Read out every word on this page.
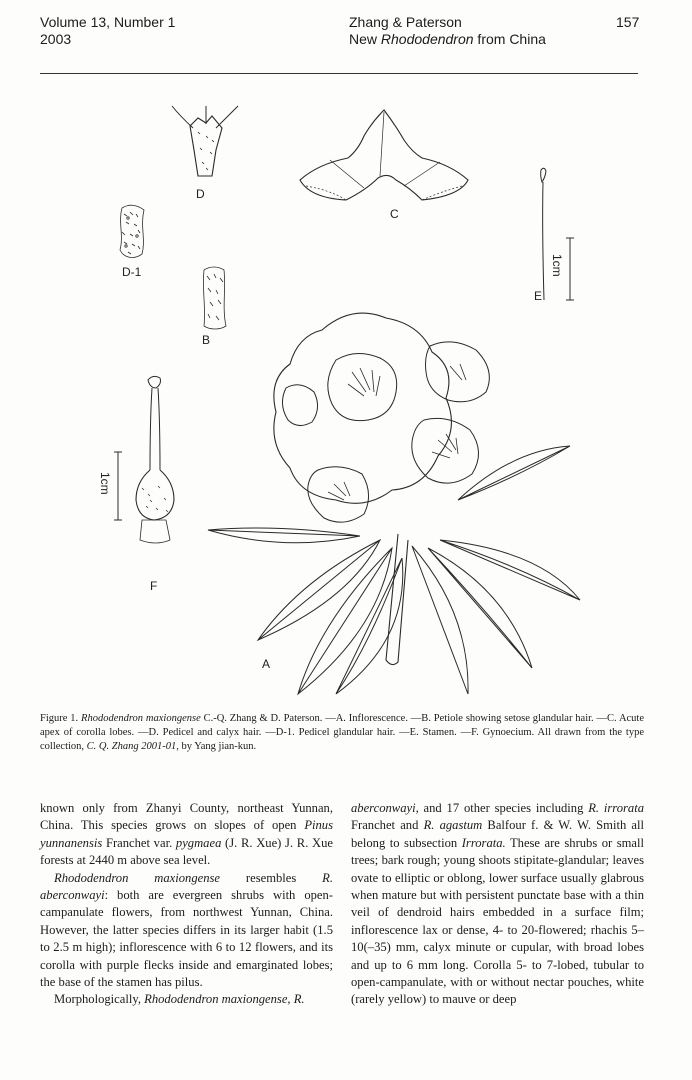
Volume 13, Number 1
2003
Zhang & Paterson
New Rhododendron from China
157
D
D-1
B
C
E
F
A
1cm
1cm
Figure 1. Rhododendron maxiongense C.-Q. Zhang & D. Paterson. —A. Inflorescence. —B. Petiole showing setose glandular hair. —C. Acute apex of corolla lobes. —D. Pedicel and calyx hair. —D-1. Pedicel glandular hair. —E. Stamen. —F. Gynoecium. All drawn from the type collection, C. Q. Zhang 2001-01, by Yang jian-kun.

known only from Zhanyi County, northeast Yunnan, China. This species grows on slopes of open Pinus yunnanensis Franchet var. pygmaea (J. R. Xue) J. R. Xue forests at 2440 m above sea level.

Rhododendron maxiongense resembles R. aberconwayi: both are evergreen shrubs with open-campanulate flowers, from northwest Yunnan, China. However, the latter species differs in its larger habit (1.5 to 2.5 m high); inflorescence with 6 to 12 flowers, and its corolla with purple flecks inside and emarginated lobes; the base of the stamen has pilus.

Morphologically, Rhododendron maxiongense, R.

aberconwayi, and 17 other species including R. irrorata Franchet and R. agastum Balfour f. & W. W. Smith all belong to subsection Irrorata. These are shrubs or small trees; bark rough; young shoots stipitate-glandular; leaves ovate to elliptic or oblong, lower surface usually glabrous when mature but with persistent punctate base with a thin veil of dendroid hairs embedded in a surface film; inflorescence lax or dense, 4- to 20-flowered; rhachis 5–10(–35) mm, calyx minute or cupular, with broad lobes and up to 6 mm long. Corolla 5- to 7-lobed, tubular to open-campanulate, with or without nectar pouches, white (rarely yellow) to mauve or deep
